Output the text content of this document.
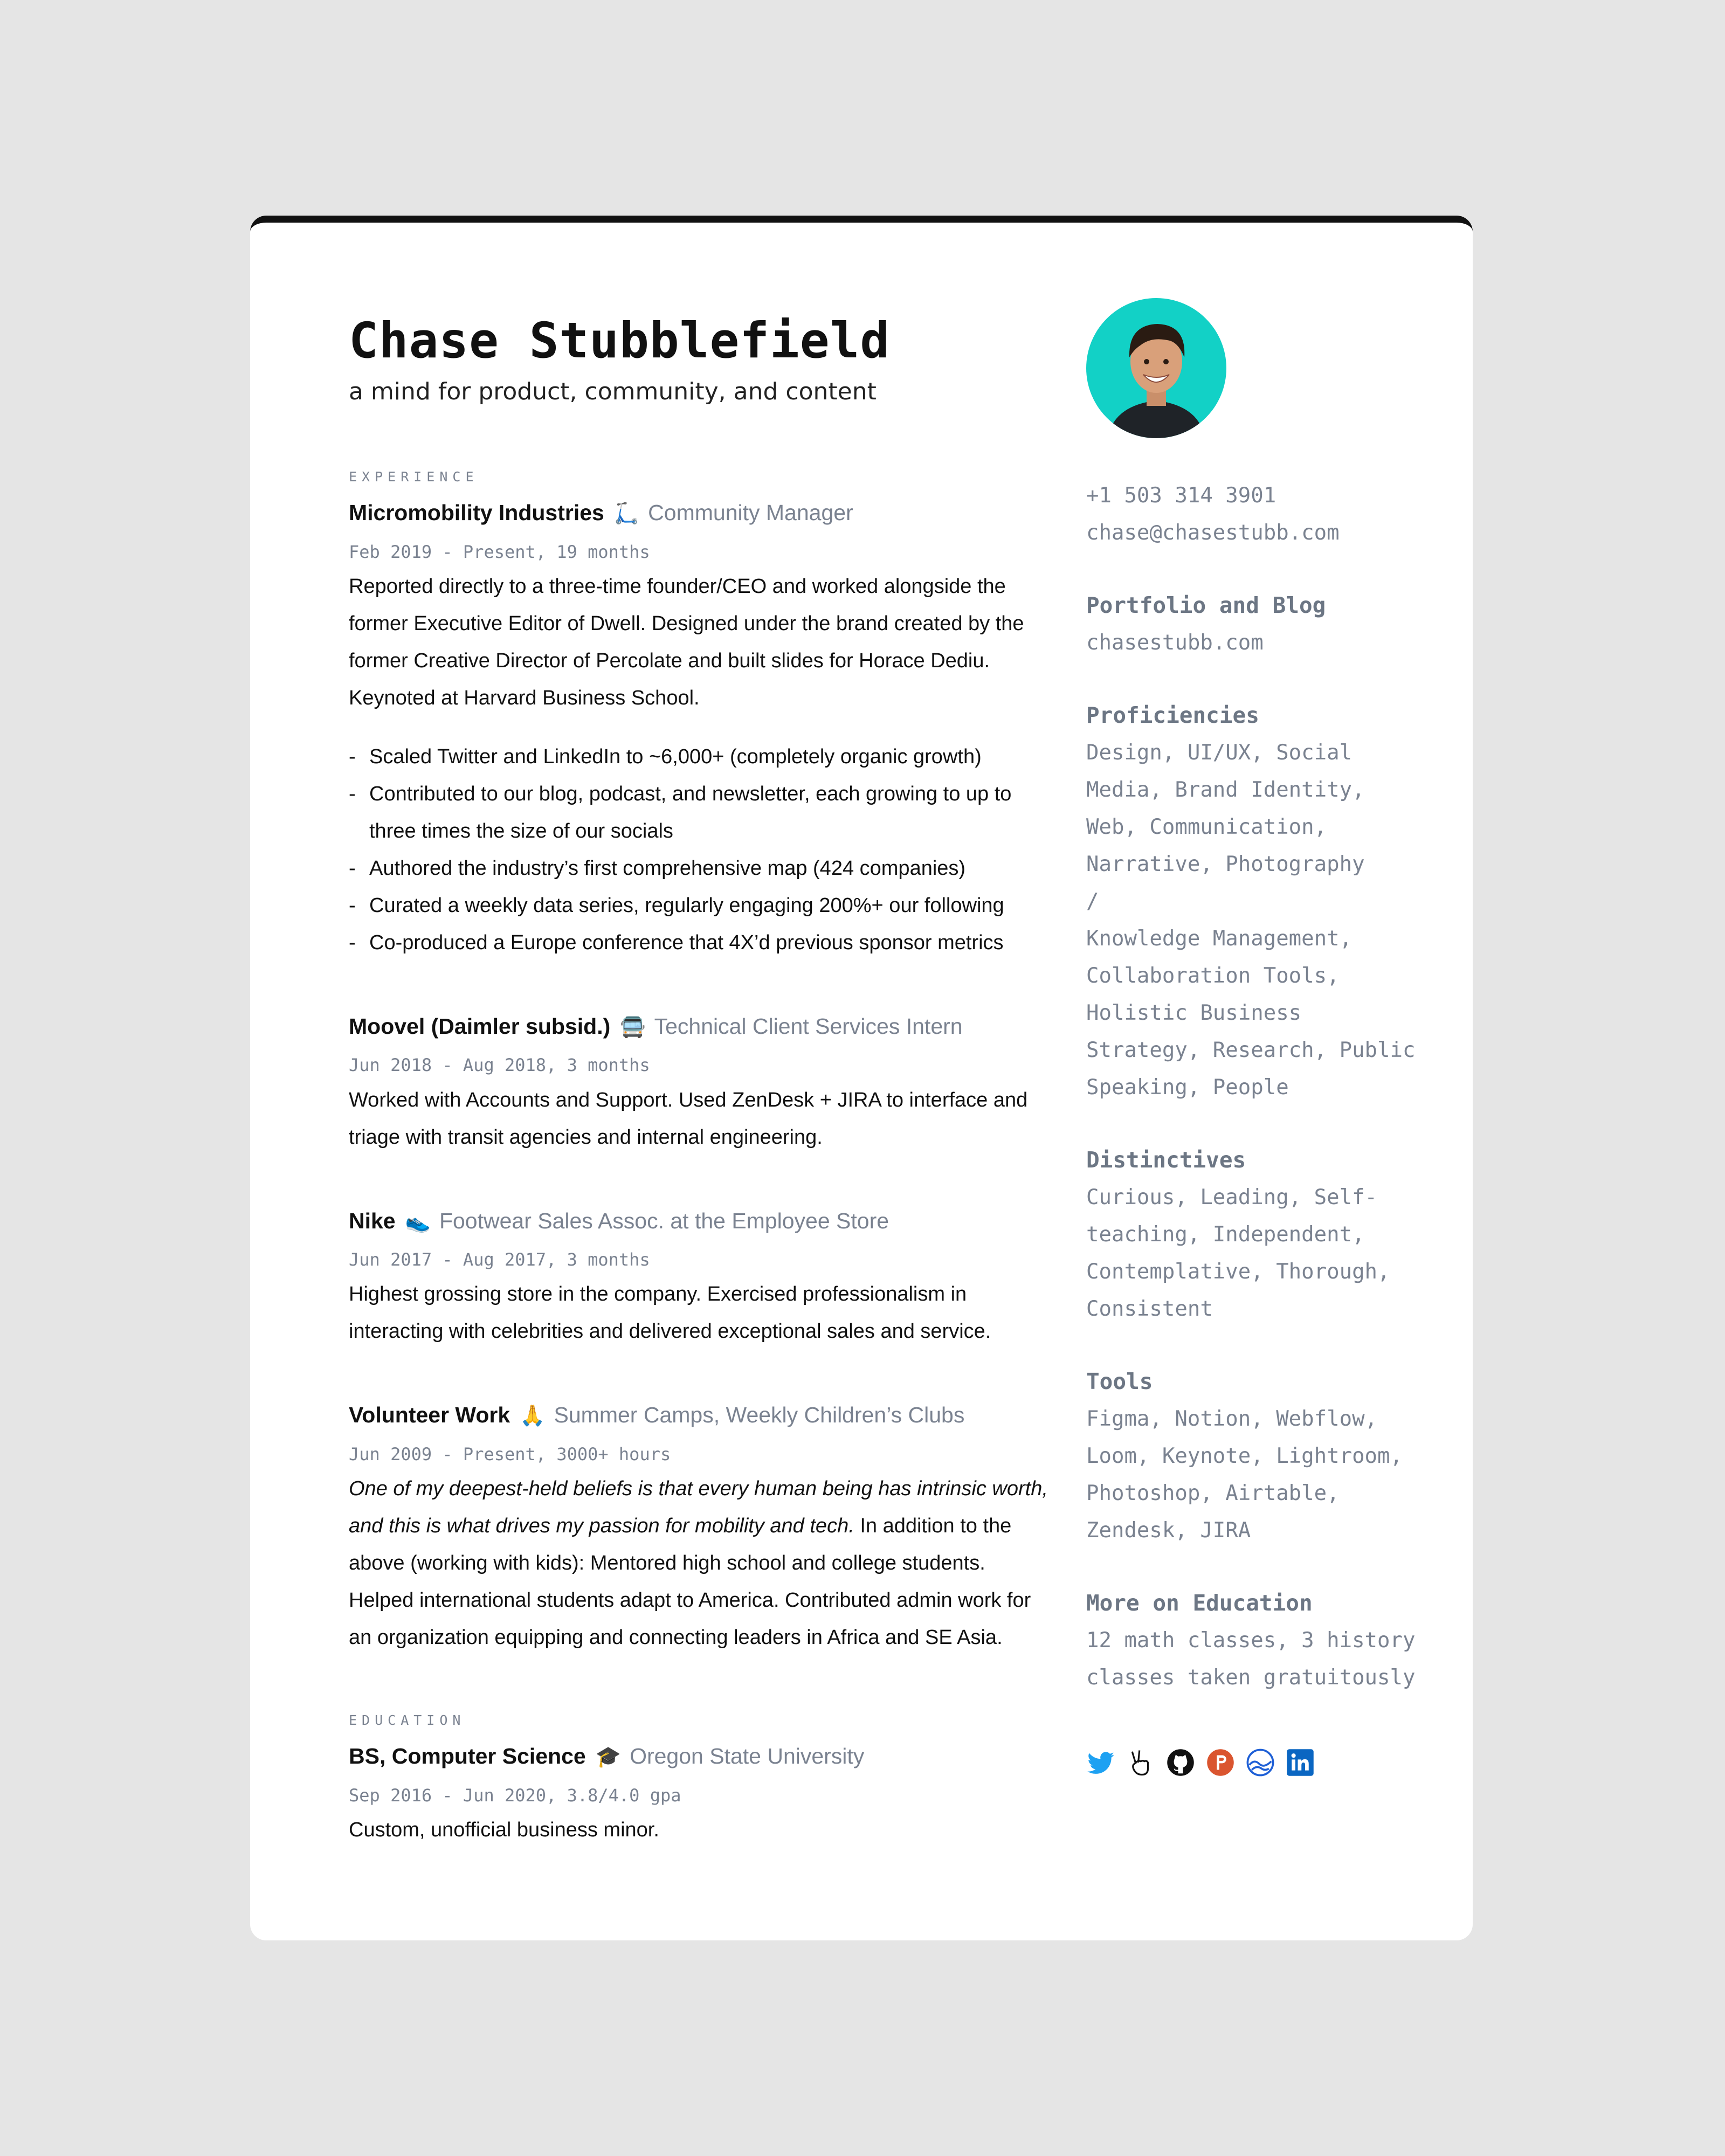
Chase Stubblefield
a mind for product, community, and content
EXPERIENCE
Micromobility Industries 🛴 Community Manager
Feb 2019 - Present, 19 months
Reported directly to a three-time founder/CEO and worked alongside the former Executive Editor of Dwell. Designed under the brand created by the former Creative Director of Percolate and built slides for Horace Dediu. Keynoted at Harvard Business School.
- Scaled Twitter and LinkedIn to ~6,000+ (completely organic growth)
- Contributed to our blog, podcast, and newsletter, each growing to up to three times the size of our socials
- Authored the industry’s first comprehensive map (424 companies)
- Curated a weekly data series, regularly engaging 200%+ our following
- Co-produced a Europe conference that 4X’d previous sponsor metrics
Moovel (Daimler subsid.) 🚍 Technical Client Services Intern
Jun 2018 - Aug 2018, 3 months
Worked with Accounts and Support. Used ZenDesk + JIRA to interface and triage with transit agencies and internal engineering.
Nike 👟 Footwear Sales Assoc. at the Employee Store
Jun 2017 - Aug 2017, 3 months
Highest grossing store in the company. Exercised professionalism in interacting with celebrities and delivered exceptional sales and service.
Volunteer Work 🙏 Summer Camps, Weekly Children’s Clubs
Jun 2009 - Present, 3000+ hours
One of my deepest-held beliefs is that every human being has intrinsic worth, and this is what drives my passion for mobility and tech. In addition to the above (working with kids): Mentored high school and college students. Helped international students adapt to America. Contributed admin work for an organization equipping and connecting leaders in Africa and SE Asia.
EDUCATION
BS, Computer Science 🎓 Oregon State University
Sep 2016 - Jun 2020, 3.8/4.0 gpa
Custom, unofficial business minor.
+1 503 314 3901
chase@chasestubb.com
Portfolio and Blog
chasestubb.com
Proficiencies
Design, UI/UX, Social Media, Brand Identity, Web, Communication, Narrative, Photography
/
Knowledge Management, Collaboration Tools, Holistic Business Strategy, Research, Public Speaking, People
Distinctives
Curious, Leading, Self-teaching, Independent, Contemplative, Thorough, Consistent
Tools
Figma, Notion, Webflow, Loom, Keynote, Lightroom, Photoshop, Airtable, Zendesk, JIRA
More on Education
12 math classes, 3 history classes taken gratuitously
